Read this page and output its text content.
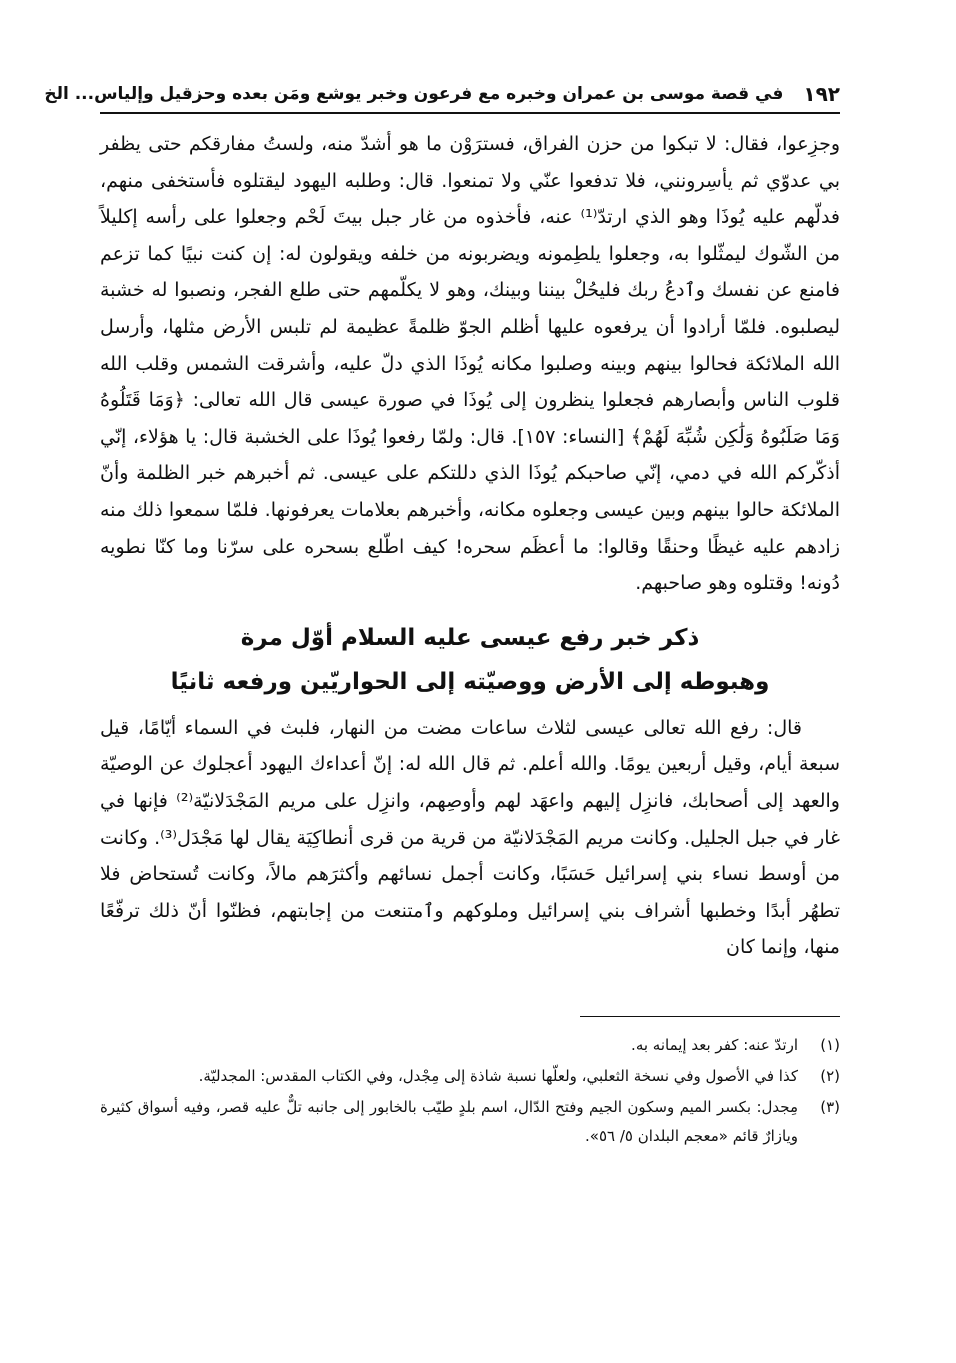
١٩٢
في قصة موسى بن عمران وخبره مع فرعون وخبر يوشع ومَن بعده وحزقيل وإلياس... الخ

وجزِعوا، فقال: لا تبكوا من حزن الفراق، فسترَوْن ما هو أشدّ منه، ولستُ مفارقكم حتى يظفر بي عدوّي ثم يأسِرونني، فلا تدفعوا عنّي ولا تمنعوا. قال: وطلبه اليهود ليقتلوه فأستخفى منهم، فدلّهم عليه يُوذَا وهو الذي ارتدّ⁽¹⁾ عنه، فأخذوه من غار جبل بيتَ لَحْم وجعلوا على رأسه إكليلاً من الشّوك ليمثّلوا به، وجعلوا يلطِمونه ويضربونه من خلفه ويقولون له: إن كنت نبيًا كما تزعم فامنع عن نفسك وٱدعُ ربك فليحُلْ بيننا وبينك، وهو لا يكلّمهم حتى طلع الفجر، ونصبوا له خشبة ليصلبوه. فلمّا أرادوا أن يرفعوه عليها أظلم الجوّ ظلمةً عظيمة لم تلبس الأرض مثلها، وأرسل الله الملائكة فحالوا بينهم وبينه وصلبوا مكانه يُوذَا الذي دلّ عليه، وأشرقت الشمس وقلب الله قلوب الناس وأبصارهم فجعلوا ينظرون إلى يُوذَا في صورة عيسى قال الله تعالى: ﴿وَمَا قَتَلُوهُ وَمَا صَلَبُوهُ وَلَٰكِن شُبِّهَ لَهُمْ﴾ [النساء: ١٥٧]. قال: ولمّا رفعوا يُوذَا على الخشبة قال: يا هؤلاء، إنّي أذكّركم الله في دمي، إنّي صاحبكم يُوذَا الذي دللتكم على عيسى. ثم أخبرهم خبر الظلمة وأنّ الملائكة حالوا بينهم وبين عيسى وجعلوه مكانه، وأخبرهم بعلامات يعرفونها. فلمّا سمعوا ذلك منه زادهم عليه غيظًا وحنقًا وقالوا: ما أعظَم سحره! كيف اطّلع بسحره على سرّنا وما كنّا نطويه دُونه! وقتلوه وهو صاحبهم.

ذكر خبر رفع عيسى عليه السلام أوّل مرة
وهبوطه إلى الأرض ووصيّته إلى الحواريّين ورفعه ثانيًا

قال: رفع الله تعالى عيسى لثلاث ساعات مضت من النهار، فلبث في السماء أيّامًا، قيل سبعة أيام، وقيل أربعين يومًا. والله أعلم. ثم قال الله له: إنّ أعداءك اليهود أعجلوك عن الوصيّة والعهد إلى أصحابك، فانزِل إليهم واعهَد لهم وأوصِهم، وانزِل على مريم المَجْدَلانيّة⁽²⁾ فإنها في غار في جبل الجليل. وكانت مريم المَجْدَلانيّة من قرية من قرى أنطاكِيَة يقال لها مَجْدَل⁽³⁾. وكانت من أوسط نساء بني إسرائيل حَسَبًا، وكانت أجمل نسائهم وأكثرَهم مالاً، وكانت تُستحاض فلا تطهُر أبدًا وخطبها أشراف بني إسرائيل وملوكهم وٱمتنعت من إجابتهم، فظنّوا أنّ ذلك ترفّعًا منها، وإنما كان

(١)
ارتدّ عنه: كفر بعد إيمانه به.
(٢)
كذا في الأصول وفي نسخة الثعلبي، ولعلّها نسبة شاذة إلى مِجْدل، وفي الكتاب المقدس: المجدليّة.
(٣)
مِجدل: بكسر الميم وسكون الجيم وفتح الدّال، اسم بلدٍ طيّب بالخابور إلى جانبه تلٌّ عليه قصر، وفيه أسواق كثيرة ويازارٌ قائم «معجم البلدان ٥/ ٥٦».
